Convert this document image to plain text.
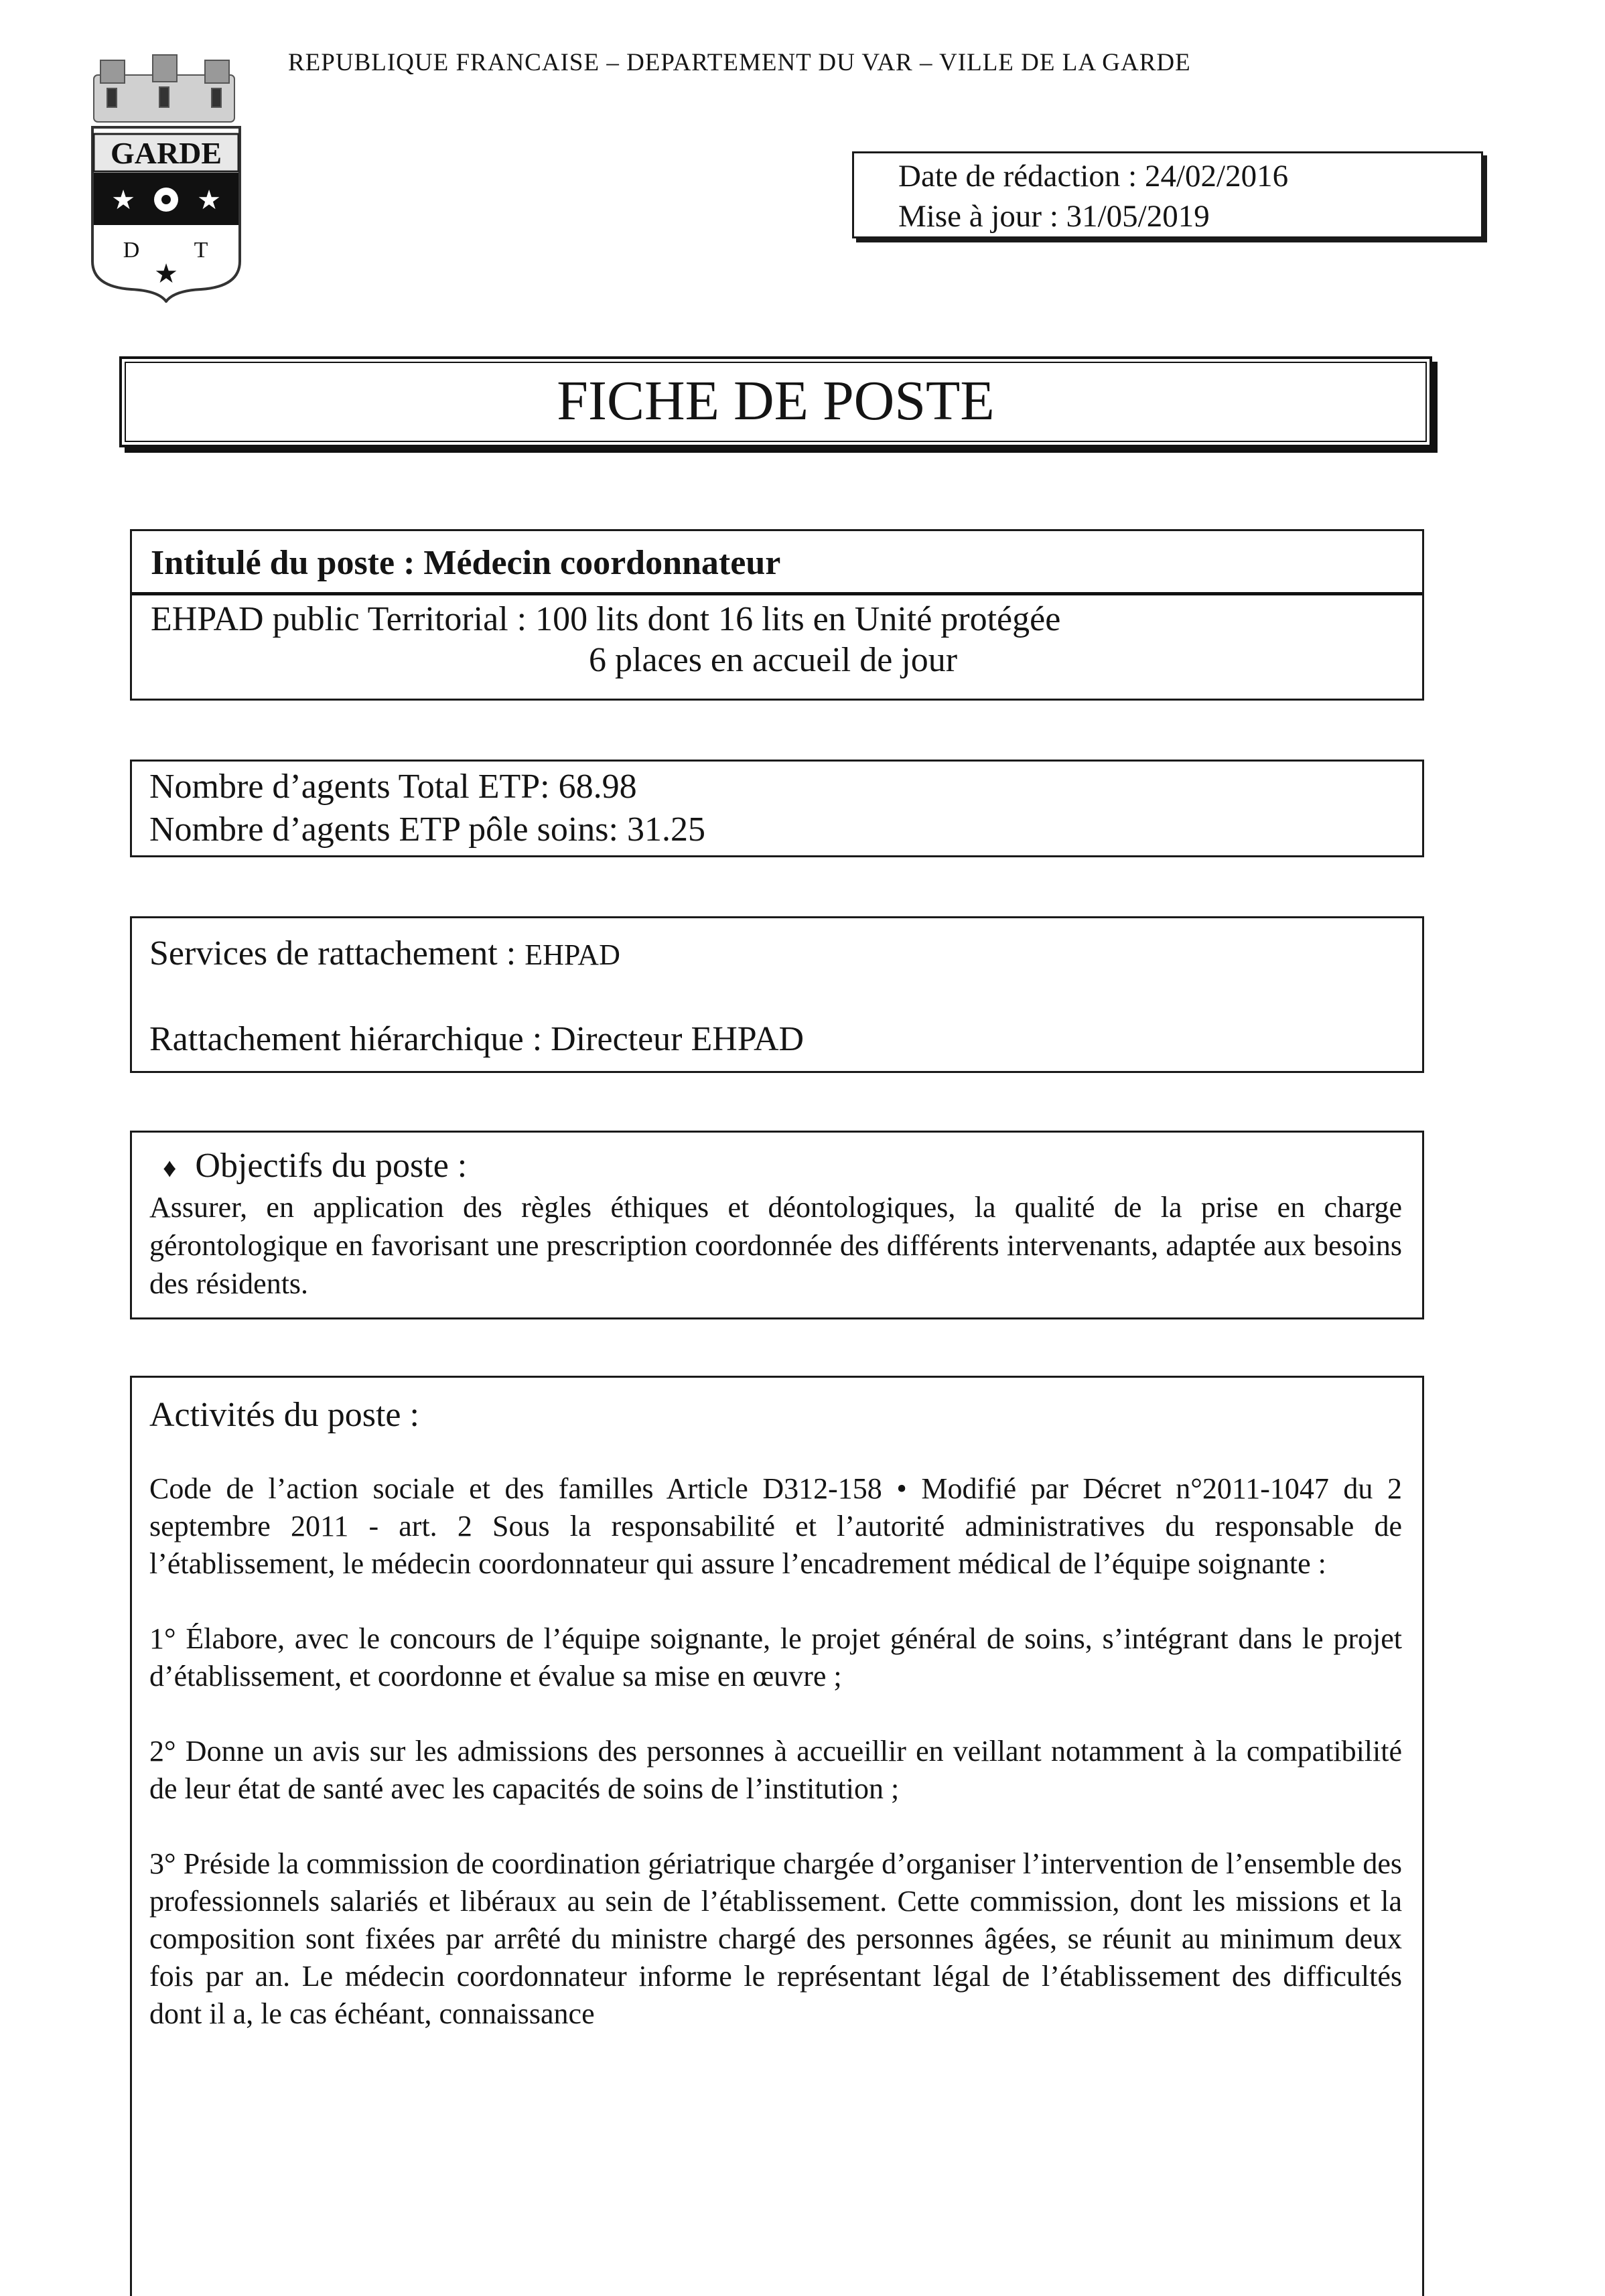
REPUBLIQUE FRANCAISE – DEPARTEMENT DU VAR – VILLE DE LA GARDE
GARDE
★ ★
D T
★
Date de rédaction : 24/02/2016
Mise à jour : 31/05/2019
FICHE DE POSTE
Intitulé du poste : Médecin coordonnateur
EHPAD public Territorial : 100 lits dont 16 lits en Unité protégée
6 places en accueil de jour
Nombre d’agents Total ETP: 68.98
Nombre d’agents ETP pôle soins: 31.25
Services de rattachement : EHPAD
Rattachement hiérarchique : Directeur EHPAD
♦ Objectifs du poste :
Assurer, en application des règles éthiques et déontologiques, la qualité de la prise en charge gérontologique en favorisant une prescription coordonnée des différents intervenants, adaptée aux besoins des résidents.
Activités du poste :

Code de l’action sociale et des familles Article D312-158 • Modifié par Décret n°2011-1047 du 2 septembre 2011 - art. 2 Sous la responsabilité et l’autorité administratives du responsable de l’établissement, le médecin coordonnateur qui assure l’encadrement médical de l’équipe soignante :

1° Élabore, avec le concours de l’équipe soignante, le projet général de soins, s’intégrant dans le projet d’établissement, et coordonne et évalue sa mise en œuvre ;

2° Donne un avis sur les admissions des personnes à accueillir en veillant notamment à la compatibilité de leur état de santé avec les capacités de soins de l’institution ;

3° Préside la commission de coordination gériatrique chargée d’organiser l’intervention de l’ensemble des professionnels salariés et libéraux au sein de l’établissement. Cette commission, dont les missions et la composition sont fixées par arrêté du ministre chargé des personnes âgées, se réunit au minimum deux fois par an. Le médecin coordonnateur informe le représentant légal de l’établissement des difficultés dont il a, le cas échéant, connaissance
